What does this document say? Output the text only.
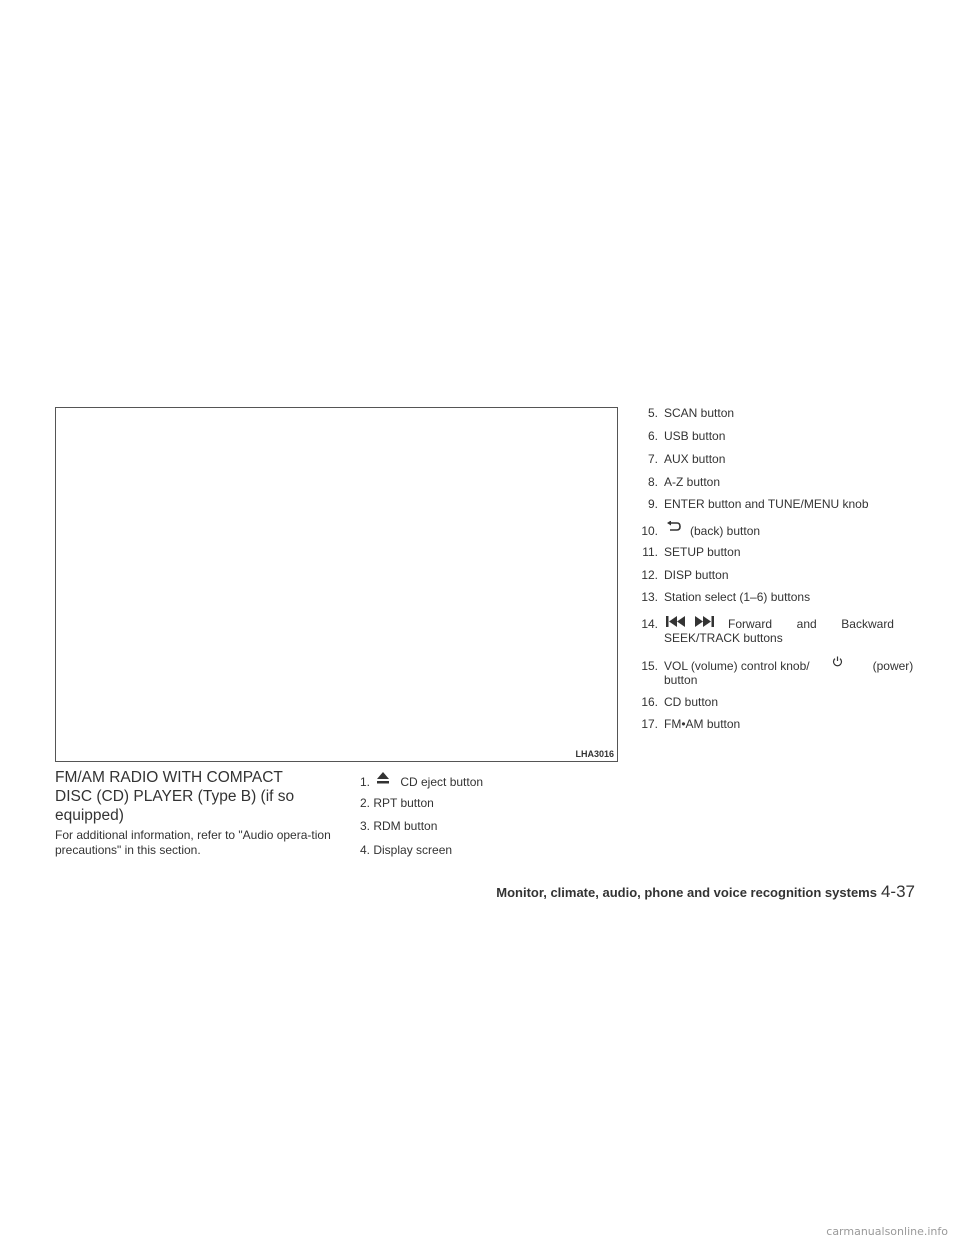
LHA3016
FM/AM RADIO WITH COMPACT
DISC (CD) PLAYER (Type B) (if so
equipped)

For additional information, refer to "Audio opera-tion precautions" in this section.

1.	CD eject button
2. RPT button
3. RDM button
4. Display screen
5. SCAN button
6. USB button
7. AUX button
8. A-Z button
9. ENTER button and TUNE/MENU knob
10.	(back) button
11. SETUP button
12. DISP button
13. Station select (1–6) buttons
14.	Forward and Backward
SEEK/TRACK buttons
15. VOL (volume) control knob/	(power)
button
16. CD button
17. FM•AM button
Monitor, climate, audio, phone and voice recognition systems 4-37
carmanualsonline.info
